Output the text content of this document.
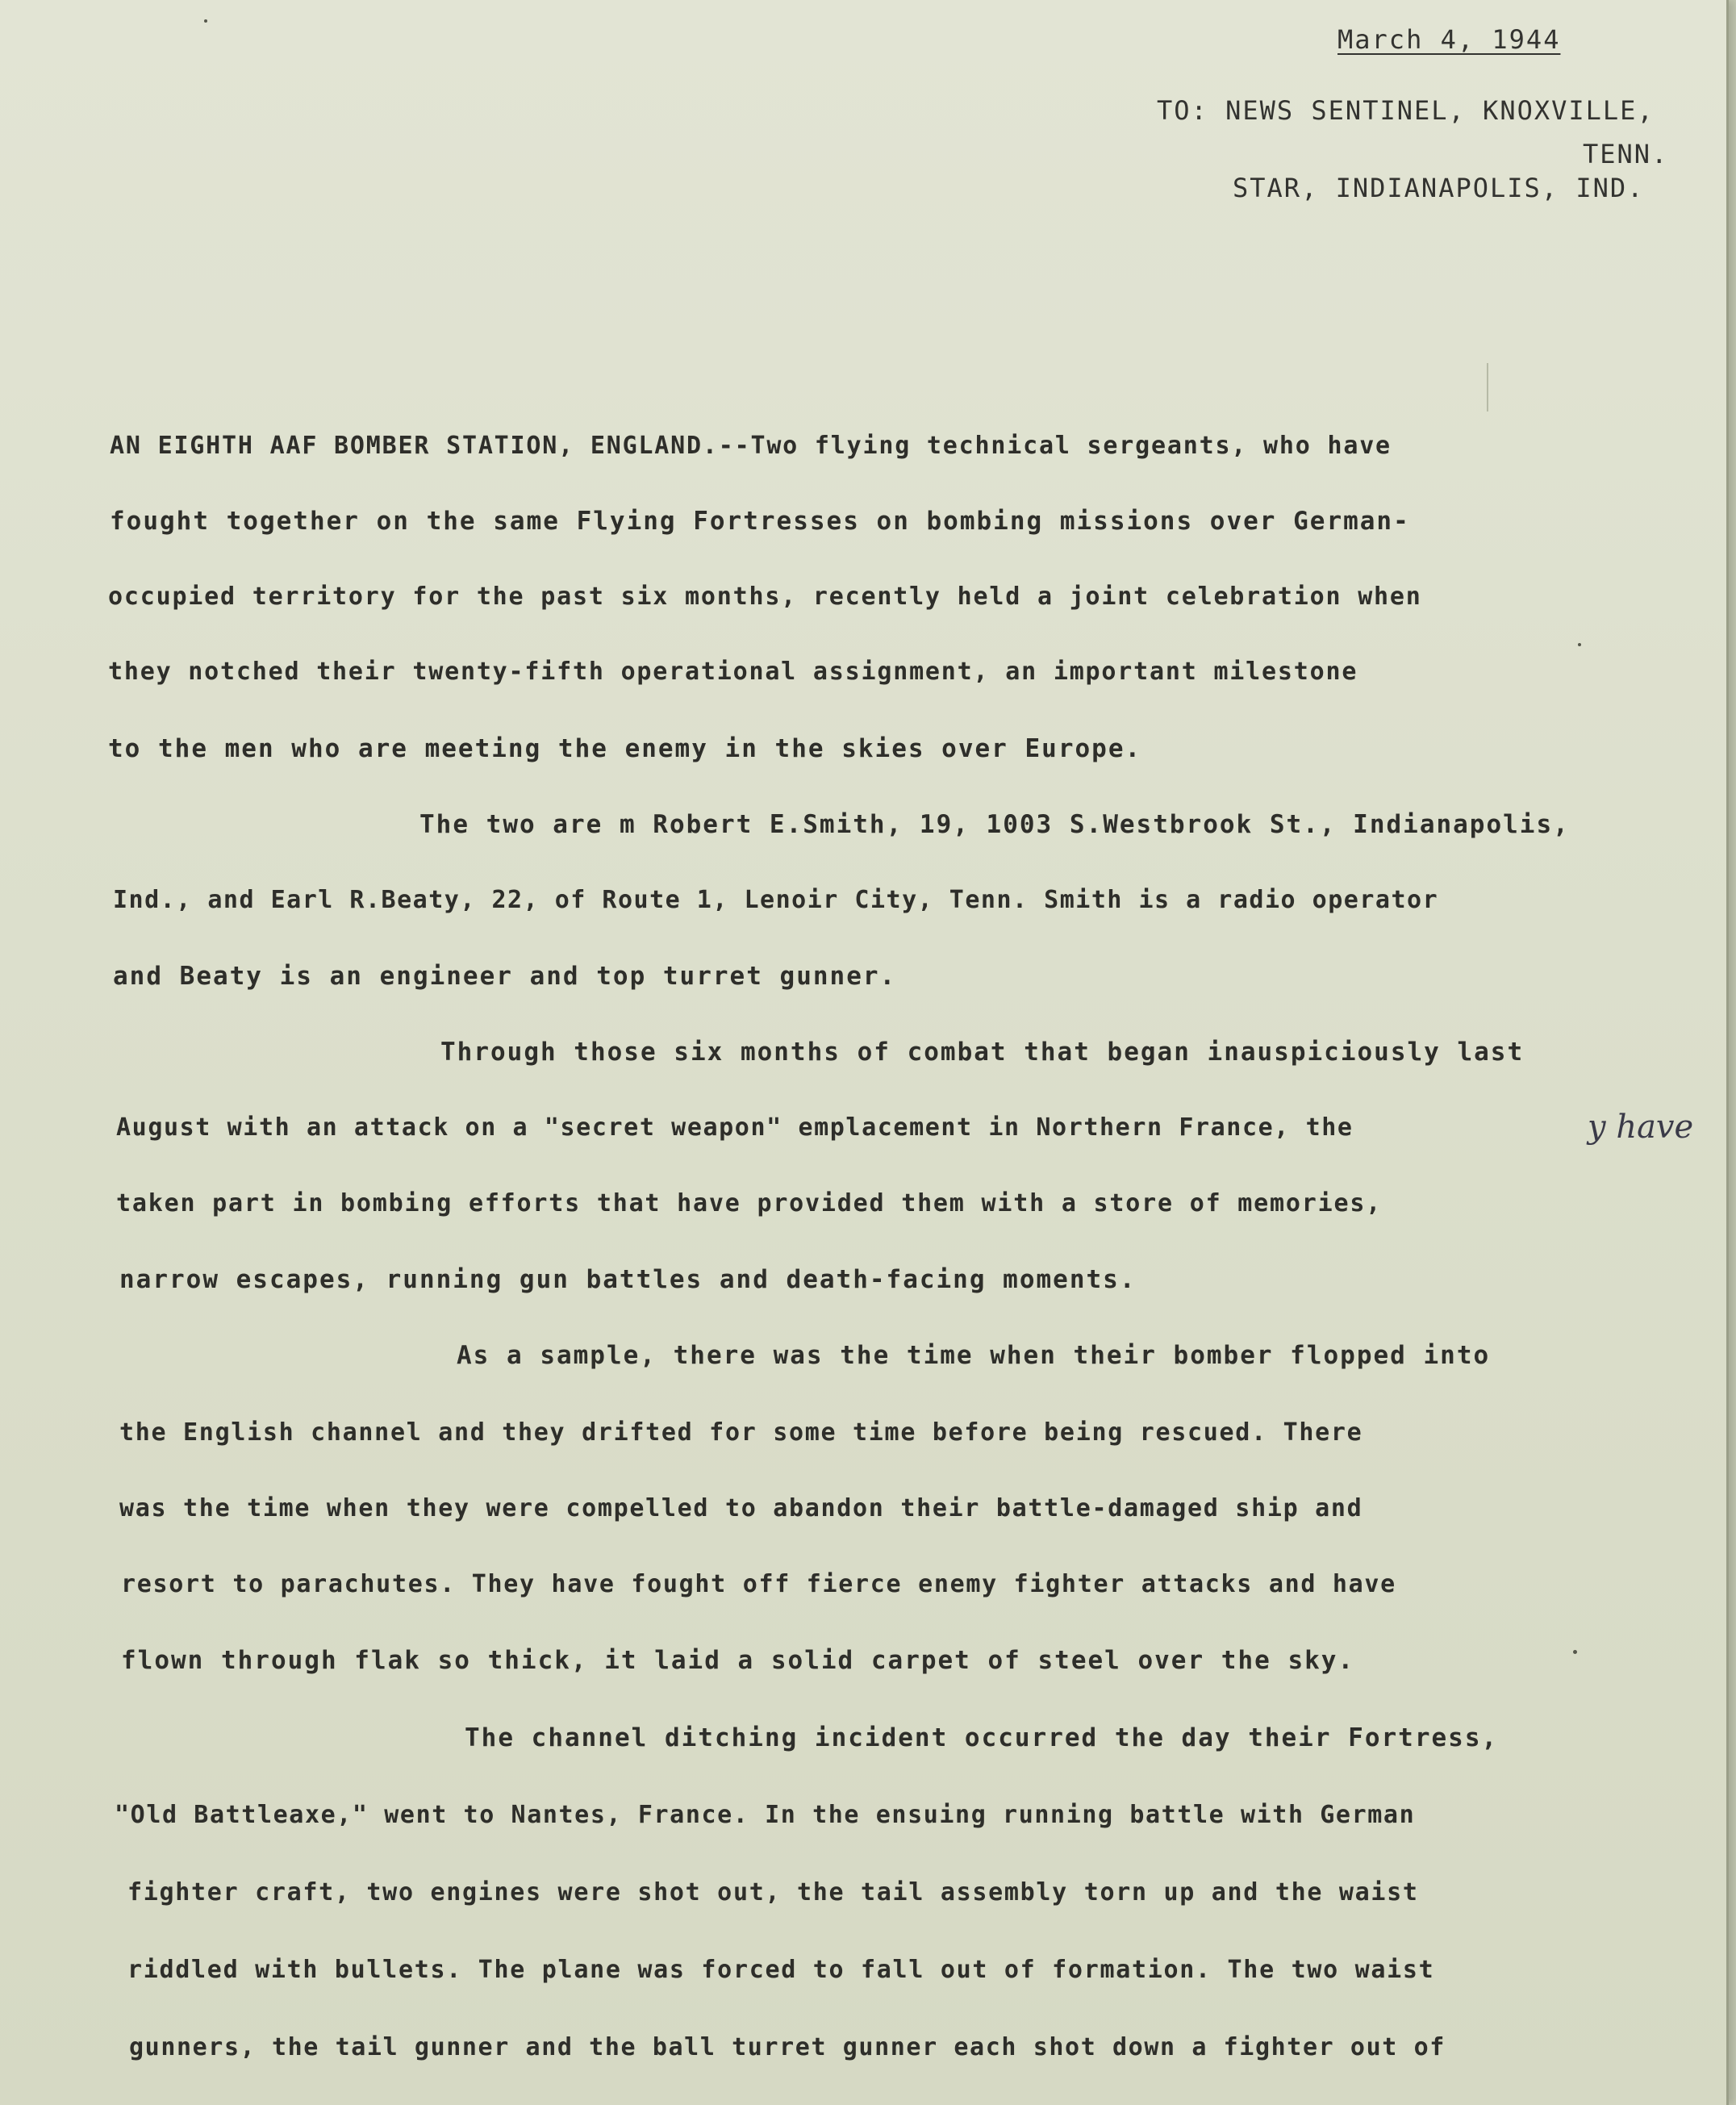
March 4, 1944
TO: NEWS SENTINEL, KNOXVILLE,
TENN.
STAR, INDIANAPOLIS, IND.
AN EIGHTH AAF BOMBER STATION, ENGLAND.--Two flying technical sergeants, who have
fought together on the same Flying Fortresses on bombing missions over German-
occupied territory for the past six months, recently held a joint celebration when
they notched their twenty-fifth operational assignment, an important milestone
to the men who are meeting the enemy in the skies over Europe.
The two are m Robert E.Smith, 19, 1003 S.Westbrook St., Indianapolis,
Ind., and Earl R.Beaty, 22, of Route 1, Lenoir City, Tenn. Smith is a radio operator
and Beaty is an engineer and top turret gunner.
Through those six months of combat that began inauspiciously last
August with an attack on a "secret weapon" emplacement in Northern France, the	y have
taken part in bombing efforts that have provided them with a store of memories,
narrow escapes, running gun battles and death-facing moments.
As a sample, there was the time when their bomber flopped into
the English channel and they drifted for some time before being rescued. There
was the time when they were compelled to abandon their battle-damaged ship and
resort to parachutes. They have fought off fierce enemy fighter attacks and have
flown through flak so thick, it laid a solid carpet of steel over the sky.
The channel ditching incident occurred the day their Fortress,
"Old Battleaxe," went to Nantes, France. In the ensuing running battle with German
fighter craft, two engines were shot out, the tail assembly torn up and the waist
riddled with bullets. The plane was forced to fall out of formation. The two waist
gunners, the tail gunner and the ball turret gunner each shot down a fighter out of
